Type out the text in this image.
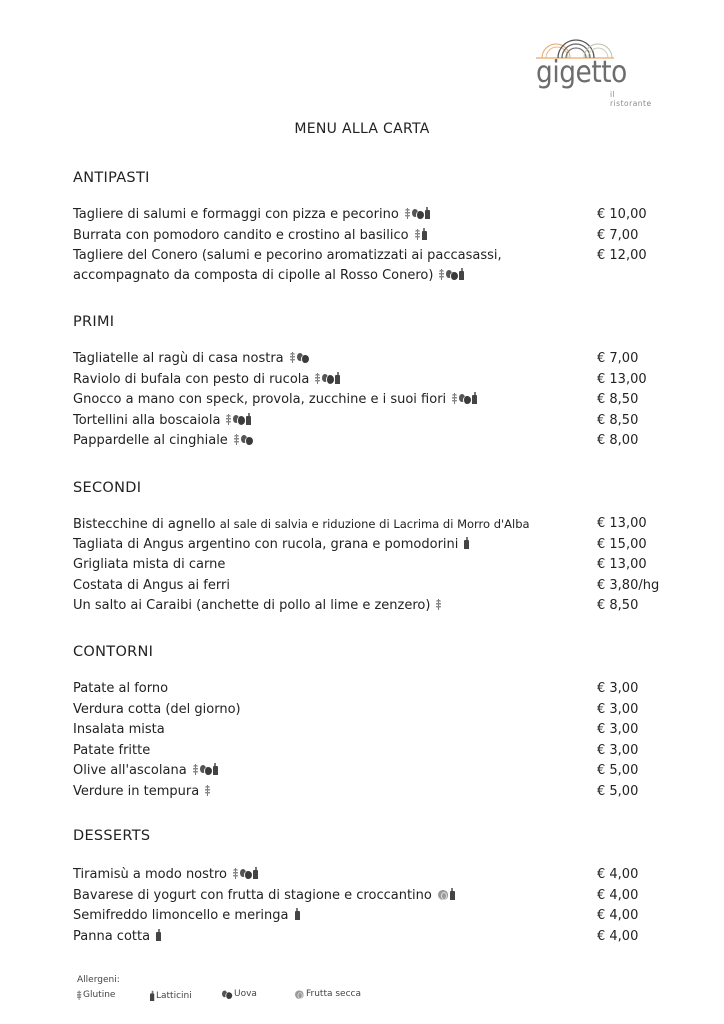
gigetto
il ristorante
MENU ALLA CARTA
ANTIPASTI
Tagliere di salumi e formaggi con pizza e pecorino	€ 10,00
Burrata con pomodoro candito e crostino al basilico	€ 7,00
Tagliere del Conero (salumi e pecorino aromatizzati ai paccasassi,
accompagnato da composta di cipolle al Rosso Conero)
€ 12,00
PRIMI
Tagliatelle al ragù di casa nostra	€ 7,00
Raviolo di bufala con pesto di rucola	€ 13,00
Gnocco a mano con speck, provola, zucchine e i suoi fiori	€ 8,50
Tortellini alla boscaiola	€ 8,50
Pappardelle al cinghiale	€ 8,00
SECONDI
Bistecchine di agnello al sale di salvia e riduzione di Lacrima di Morro d'Alba	€ 13,00
Tagliata di Angus argentino con rucola, grana e pomodorini	€ 15,00
Grigliata mista di carne	€ 13,00
Costata di Angus ai ferri	€ 3,80/hg
Un salto ai Caraibi (anchette di pollo al lime e zenzero)	€ 8,50
CONTORNI
Patate al forno	€ 3,00
Verdura cotta (del giorno)	€ 3,00
Insalata mista	€ 3,00
Patate fritte	€ 3,00
Olive all'ascolana	€ 5,00
Verdure in tempura	€ 5,00
DESSERTS
Tiramisù a modo nostro	€ 4,00
Bavarese di yogurt con frutta di stagione e croccantino	€ 4,00
Semifreddo limoncello e meringa	€ 4,00
Panna cotta	€ 4,00
Allergeni:
Glutine	Latticini	Uova	Frutta secca
